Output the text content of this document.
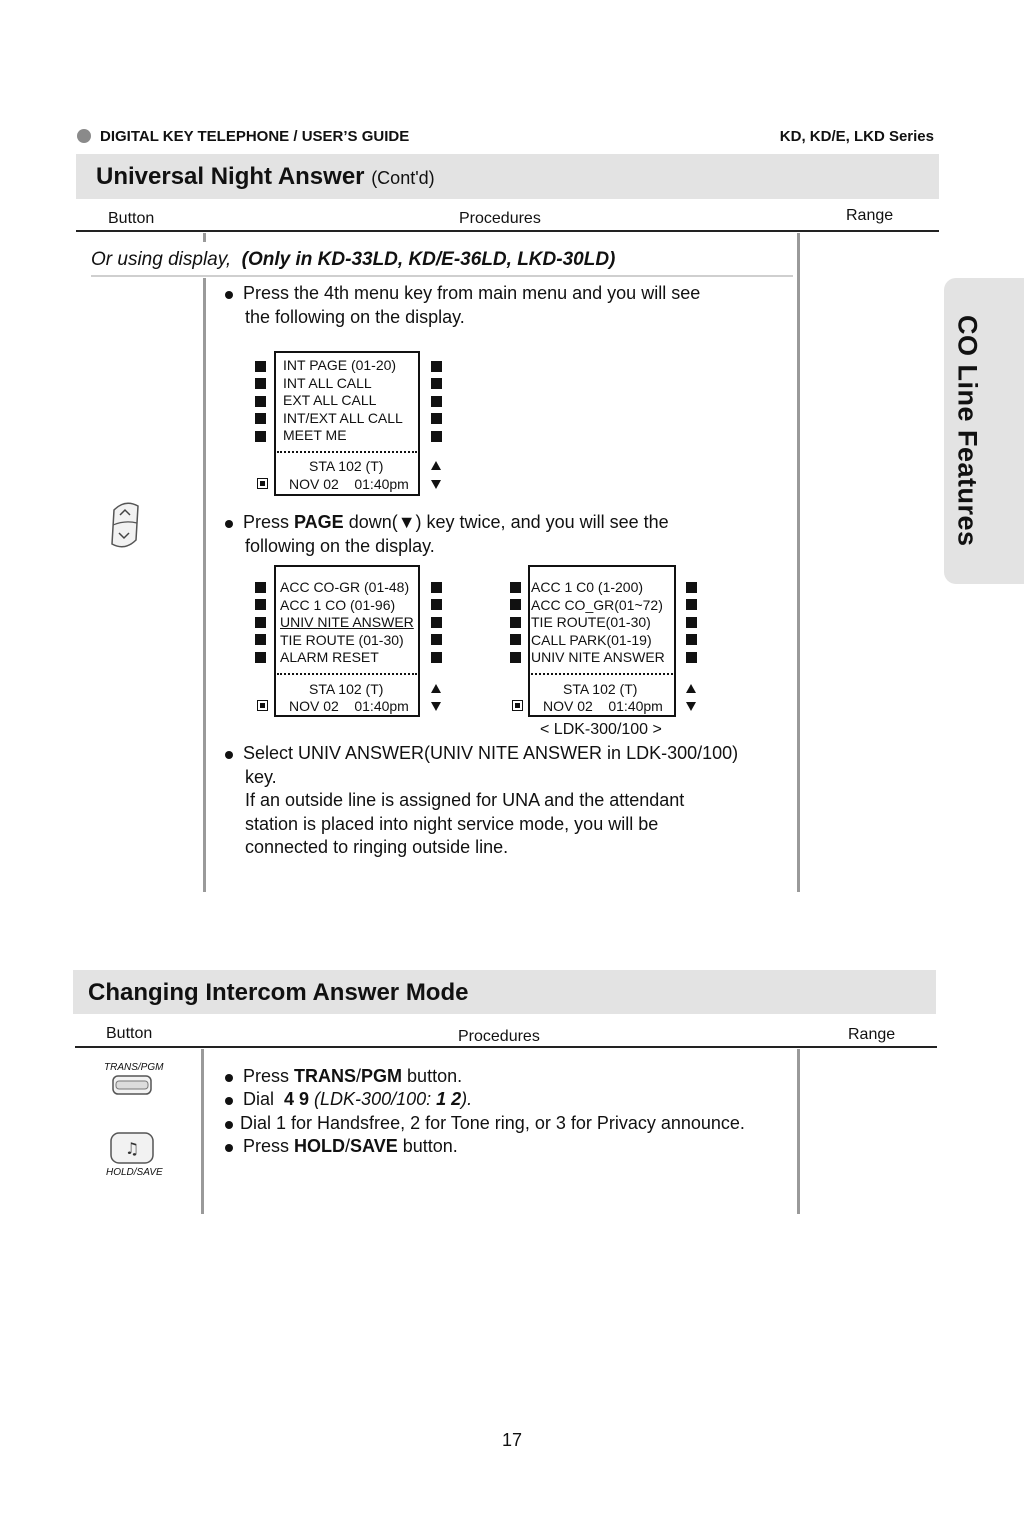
DIGITAL KEY TELEPHONE / USER’S GUIDE	KD, KD/E, LKD Series
CO Line Features
Universal Night Answer (Cont'd)
Button	Procedures	Range
Or using display, (Only in KD-33LD, KD/E-36LD, LKD-30LD)
Press the 4th menu key from main menu and you will see
the following on the display.
INT PAGE (01-20)
INT ALL CALL
EXT ALL CALL
INT/EXT ALL CALL
MEET ME
STA 102 (T)
NOV 02    01:40pm
Press PAGE down(▼) key twice, and you will see the
following on the display.
ACC CO-GR (01-48)
ACC 1 CO (01-96)
UNIV NITE ANSWER
TIE ROUTE (01-30)
ALARM RESET
STA 102 (T)
NOV 02    01:40pm
ACC 1 C0 (1-200)
ACC CO_GR(01~72)
TIE ROUTE(01-30)
CALL PARK(01-19)
UNIV NITE ANSWER
STA 102 (T)
NOV 02    01:40pm
< LDK-300/100 >
Select UNIV ANSWER(UNIV NITE ANSWER in LDK-300/100)
key.
If an outside line is assigned for UNA and the attendant
station is placed into night service mode, you will be
connected to ringing outside line.
Changing Intercom Answer Mode
Button	Procedures	Range
TRANS/PGM
♫
HOLD/SAVE
Press TRANS/PGM button.
Dial  4 9 (LDK-300/100: 1 2).
Dial 1 for Handsfree, 2 for Tone ring, or 3 for Privacy announce.
Press HOLD/SAVE button.
17
